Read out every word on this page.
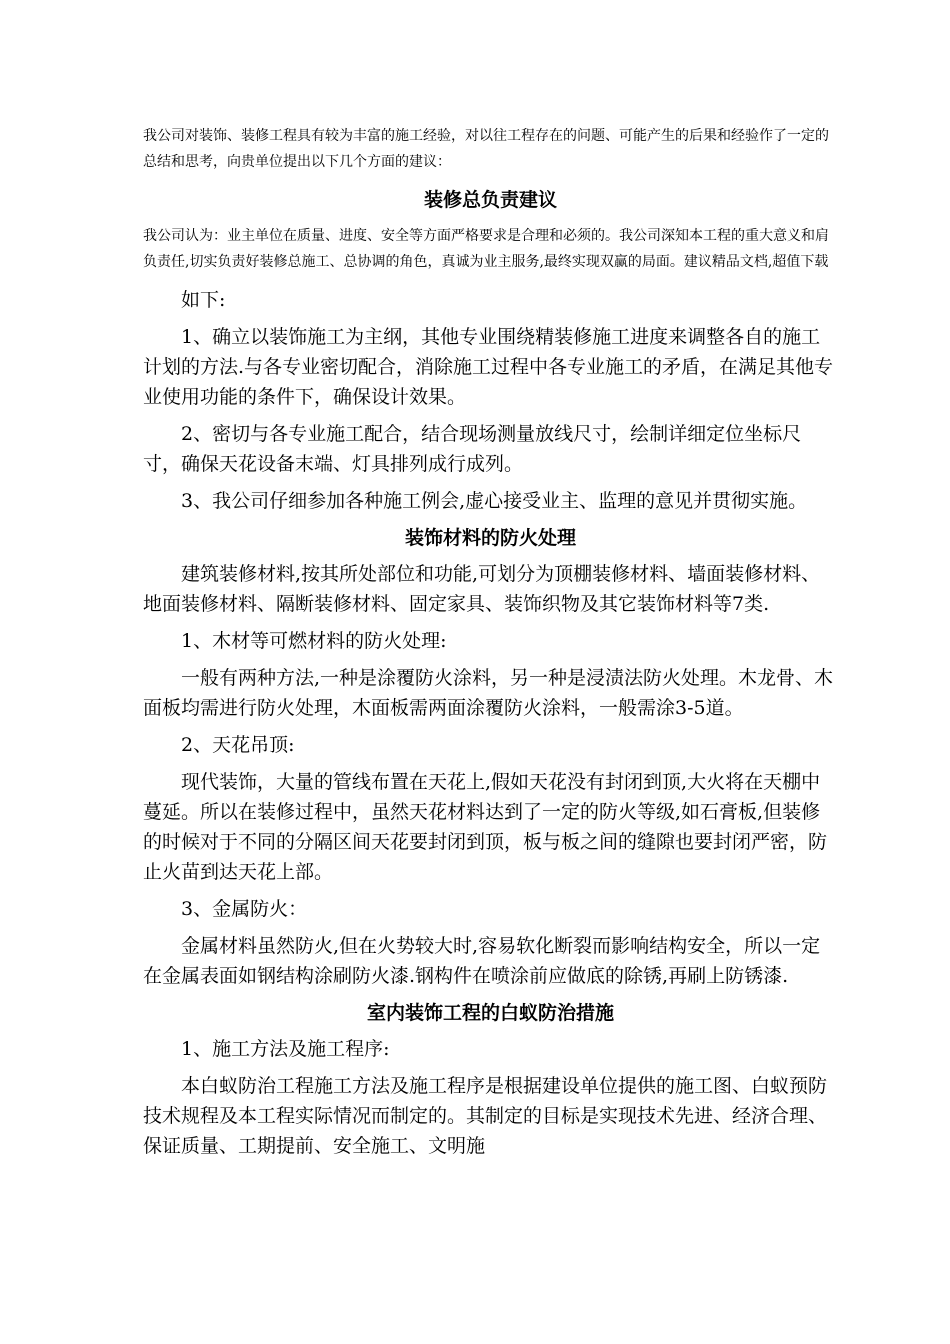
我公司对装饰、装修工程具有较为丰富的施工经验，对以往工程存在的问题、可能产生的后果和经验作了一定的总结和思考，向贵单位提出以下几个方面的建议：

装修总负责建议

我公司认为：业主单位在质量、进度、安全等方面严格要求是合理和必须的。我公司深知本工程的重大意义和肩负责任,切实负责好装修总施工、总协调的角色，真诚为业主服务,最终实现双赢的局面。建议精品文档,超值下载

如下:

1、确立以装饰施工为主纲，其他专业围绕精装修施工进度来调整各自的施工计划的方法.与各专业密切配合，消除施工过程中各专业施工的矛盾，在满足其他专业使用功能的条件下，确保设计效果。

2、密切与各专业施工配合，结合现场测量放线尺寸，绘制详细定位坐标尺寸，确保天花设备末端、灯具排列成行成列。

3、我公司仔细参加各种施工例会,虚心接受业主、监理的意见并贯彻实施。

装饰材料的防火处理

建筑装修材料,按其所处部位和功能,可划分为顶棚装修材料、墙面装修材料、地面装修材料、隔断装修材料、固定家具、装饰织物及其它装饰材料等7类.

1、木材等可燃材料的防火处理:

一般有两种方法,一种是涂覆防火涂料，另一种是浸渍法防火处理。木龙骨、木面板均需进行防火处理，木面板需两面涂覆防火涂料，一般需涂3-5道。

2、天花吊顶:

现代装饰，大量的管线布置在天花上,假如天花没有封闭到顶,大火将在天棚中蔓延。所以在装修过程中，虽然天花材料达到了一定的防火等级,如石膏板,但装修的时候对于不同的分隔区间天花要封闭到顶，板与板之间的缝隙也要封闭严密，防止火苗到达天花上部。

3、金属防火：

金属材料虽然防火,但在火势较大时,容易软化断裂而影响结构安全，所以一定在金属表面如钢结构涂刷防火漆.钢构件在喷涂前应做底的除锈,再刷上防锈漆.

室内装饰工程的白蚁防治措施

1、施工方法及施工程序:

本白蚁防治工程施工方法及施工程序是根据建设单位提供的施工图、白蚁预防技术规程及本工程实际情况而制定的。其制定的目标是实现技术先进、经济合理、保证质量、工期提前、安全施工、文明施
